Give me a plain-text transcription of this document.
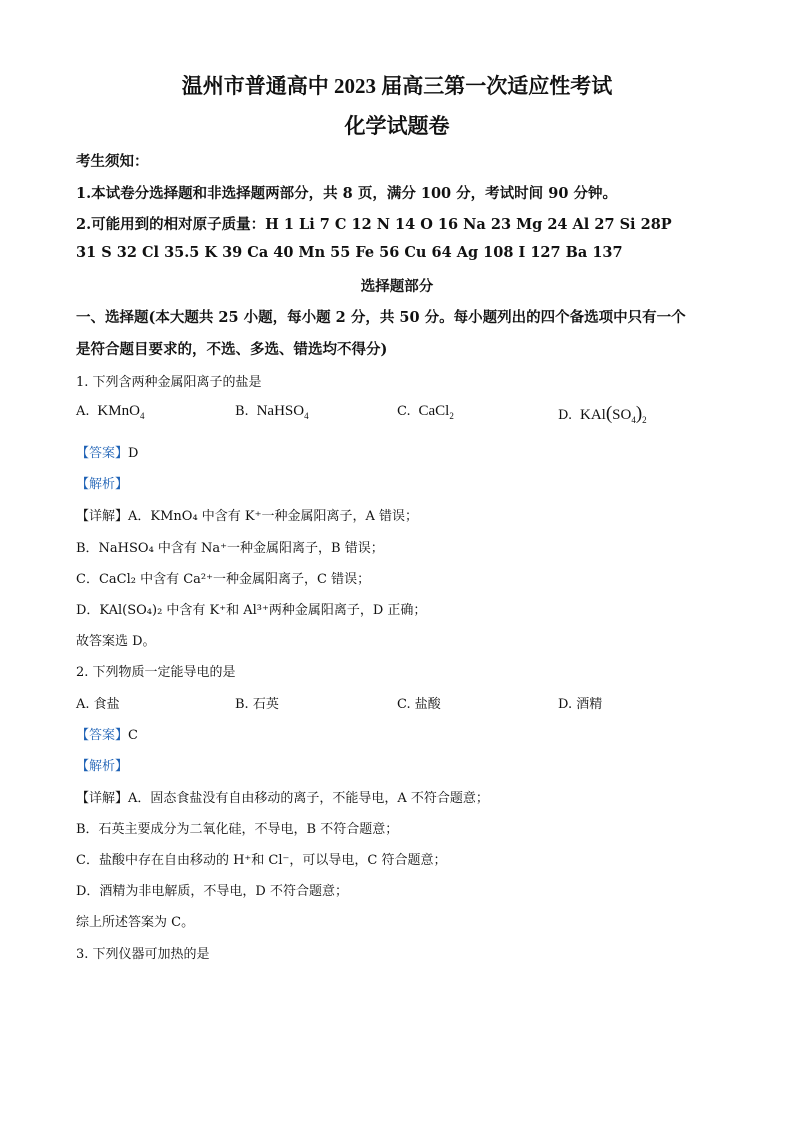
温州市普通高中 2023 届高三第一次适应性考试
化学试题卷
考生须知：
1.本试卷分选择题和非选择题两部分，共 8 页，满分 100 分，考试时间 90 分钟。
2.可能用到的相对原子质量：H 1 Li 7 C 12 N 14 O 16 Na 23 Mg 24 Al 27 Si 28P
31 S 32 Cl 35.5 K 39 Ca 40 Mn 55 Fe 56 Cu 64 Ag 108 I 127 Ba 137
选择题部分
一、选择题(本大题共 25 小题，每小题 2 分，共 50 分。每小题列出的四个备选项中只有一个
是符合题目要求的，不选、多选、错选均不得分)
1. 下列含两种金属阳离子的盐是
A.  KMnO$_4$	B.  NaHSO$_4$	C.  CaCl$_2$	D.  $KAl(SO_4)_2$
【答案】D
【解析】
【详解】A．KMnO₄ 中含有 K⁺一种金属阳离子，A 错误；
B．NaHSO₄ 中含有 Na⁺一种金属阳离子，B 错误；
C．CaCl₂ 中含有 Ca²⁺一种金属阳离子，C 错误；
D．KAl(SO₄)₂ 中含有 K⁺和 Al³⁺两种金属阳离子，D 正确；
故答案选 D。
2. 下列物质一定能导电的是
A. 食盐	B. 石英	C. 盐酸	D. 酒精
【答案】C
【解析】
【详解】A．固态食盐没有自由移动的离子，不能导电，A 不符合题意；
B．石英主要成分为二氧化硅，不导电，B 不符合题意；
C．盐酸中存在自由移动的 H⁺和 Cl⁻，可以导电，C 符合题意；
D．酒精为非电解质，不导电，D 不符合题意；
综上所述答案为 C。
3. 下列仪器可加热的是
